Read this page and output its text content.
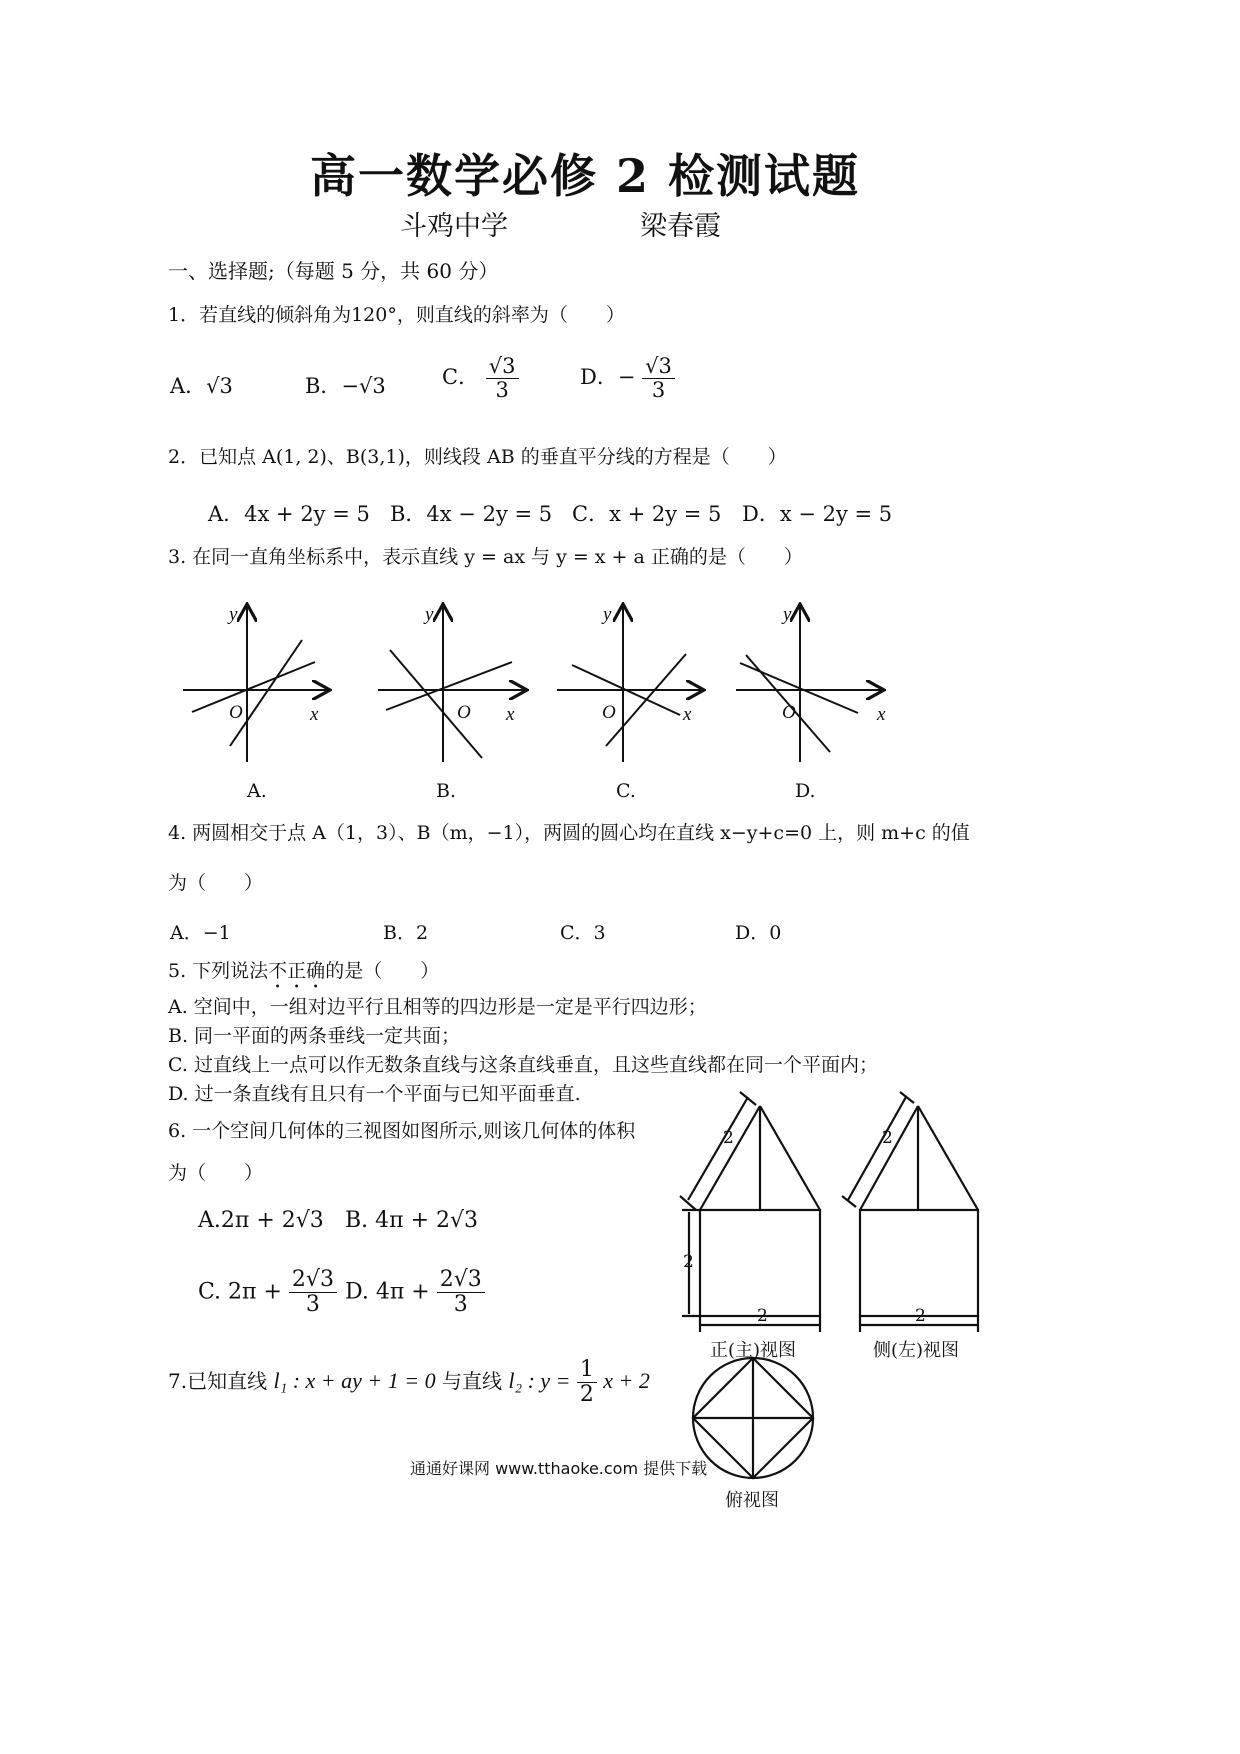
高一数学必修 2 检测试题
斗鸡中学	梁春霞
一、选择题;（每题 5 分，共 60 分）
1．若直线的倾斜角为120°，则直线的斜率为（　　）
A．√3	B．−√3	C． $\frac{√3}{3}$	D．− $\frac{√3}{3}$
2．已知点 A(1, 2)、B(3,1)，则线段 AB 的垂直平分线的方程是（　　）
A．4x + 2y = 5 B．4x − 2y = 5 C．x + 2y = 5 D．x − 2y = 5
3. 在同一直角坐标系中，表示直线 y = ax 与 y = x + a 正确的是（　　）
y
O	x
A.
y
O x
B.
y
O	x
C.
y
O	x
D.
4. 两圆相交于点 A（1，3）、B（m，−1），两圆的圆心均在直线 x−y+c=0 上，则 m+c 的值
为（　　）
A．−1	B．2	C．3	D．0
5. 下列说法不正确的是（　　）
A. 空间中，一组对边平行且相等的四边形是一定是平行四边形；
B. 同一平面的两条垂线一定共面；
C. 过直线上一点可以作无数条直线与这条直线垂直，且这些直线都在同一个平面内；
D. 过一条直线有且只有一个平面与已知平面垂直.
6. 一个空间几何体的三视图如图所示,则该几何体的体积
为（　　）
A.2π + 2√3 B. 4π + 2√3
C. $2\pi + \frac{2√3}{3} D$. $4\pi + \frac{2√3}{3}$
2	2
2
2	2
正(主)视图	侧(左)视图
俯视图
7.已知直线 l₁ : x + ay + 1 = 0 与直线 l₂ : $y = \frac{1}{2}$ x + 2
通通好课网 www.tthaoke.com 提供下载
